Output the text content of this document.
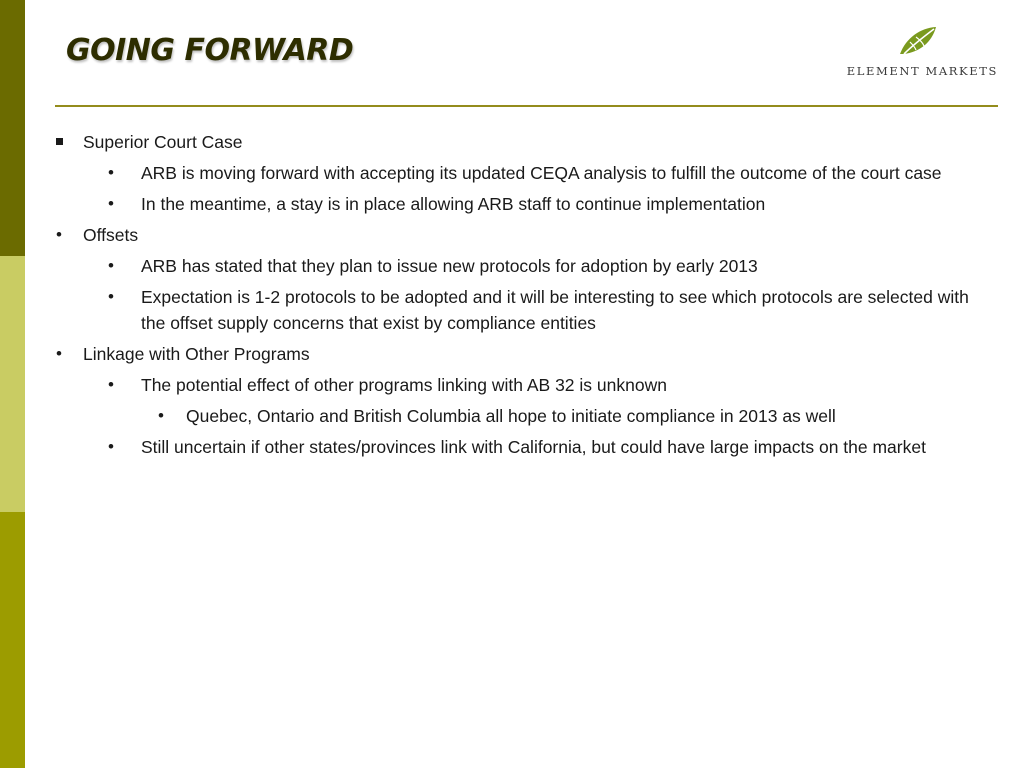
GOING FORWARD
ELEMENT MARKETS
Superior Court Case
• ARB is moving forward with accepting its updated CEQA analysis to fulfill the outcome of the court case
• In the meantime, a stay is in place allowing ARB staff to continue implementation
• Offsets
• ARB has stated that they plan to issue new protocols for adoption by early 2013
• Expectation is 1-2 protocols to be adopted and it will be interesting to see which protocols are selected with the offset supply concerns that exist by compliance entities
• Linkage with Other Programs
• The potential effect of other programs linking with AB 32 is unknown
• Quebec, Ontario and British Columbia all hope to initiate compliance in 2013 as well
• Still uncertain if other states/provinces link with California, but could have large impacts on the market
